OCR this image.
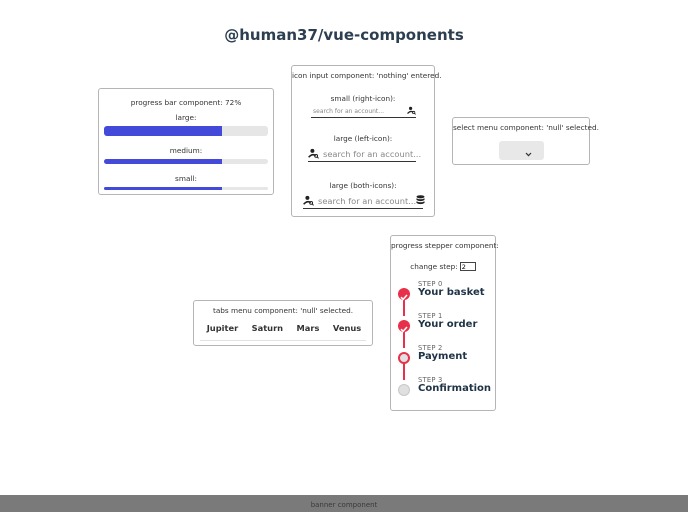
@human37/vue-components
progress bar component: 72%
large:
medium:
small:
icon input component: 'nothing' entered.
small (right-icon):
search for an account...
large (left-icon):
search for an account...
large (both-icons):
search for an account...
select menu component: 'null' selected.
progress stepper component:
change step:
2
STEP 0
Your basket
STEP 1
Your order
STEP 2
Payment
STEP 3
Confirmation
tabs menu component: 'null' selected.
Jupiter Saturn Mars Venus
banner component
